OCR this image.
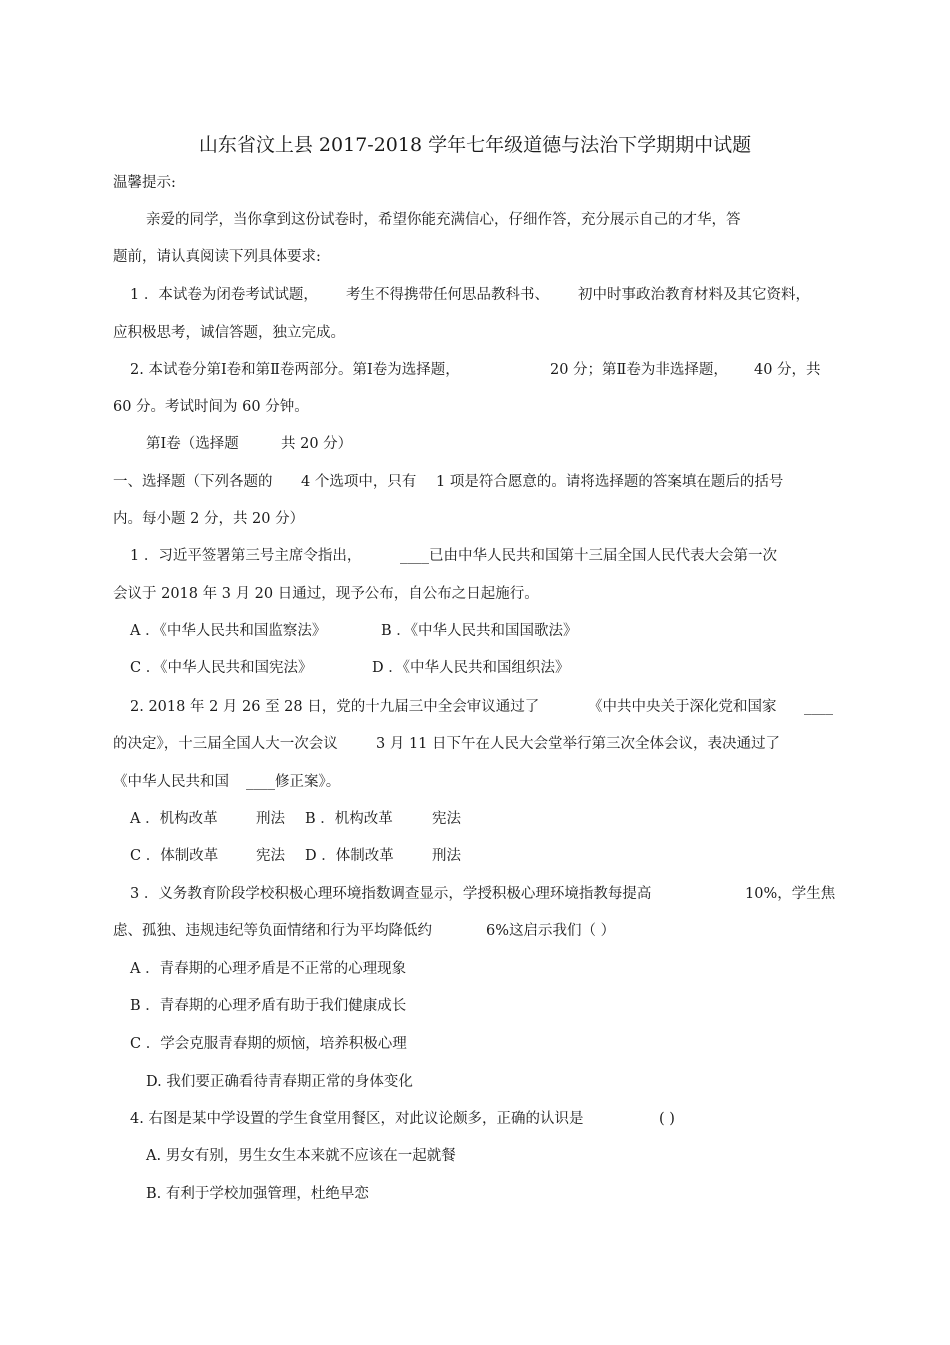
山东省汶上县 2017-2018 学年七年级道德与法治下学期期中试题
温馨提示:
亲爱的同学，当你拿到这份试卷时，希望你能充满信心，仔细作答，充分展示自己的才华，答
题前，请认真阅读下列具体要求:
1 ．本试卷为闭卷考试试题， 考生不得携带任何思品教科书、 初中时事政治教育材料及其它资料，
应积极思考，诚信答题，独立完成。
2. 本试卷分第Ⅰ卷和第Ⅱ卷两部分。第Ⅰ卷为选择题，	20 分；第Ⅱ卷为非选择题， 40 分，共
60 分。考试时间为 60 分钟。
第Ⅰ卷（选择题	共 20 分）
一、选择题（下列各题的 4 个选项中，只有 1 项是符合愿意的。请将选择题的答案填在题后的括号
内。每小题 2 分，共 20 分）
1 ．习近平签署第三号主席令指出，	____已由中华人民共和国第十三届全国人民代表大会第一次
会议于 2018 年 3 月 20 日通过，现予公布，自公布之日起施行。
A ．《中华人民共和国监察法》	B ．《中华人民共和国国歌法》
C ．《中华人民共和国宪法》	D ．《中华人民共和国组织法》
2. 2018 年 2 月 26 至 28 日，党的十九届三中全会审议通过了	《中共中央关于深化党和国家 ____
的决定》，十三届全国人大一次会议	3 月 11 日下午在人民大会堂举行第三次全体会议，表决通过了
《中华人民共和国 ____修正案》。
A ．机构改革	刑法 B ．机构改革	宪法
C ．体制改革	宪法 D ．体制改革	刑法
3 ．义务教育阶段学校积极心理环境指数调查显示，学授积极心理环境指教每提高	10%，学生焦
虑、孤独、违规违纪等负面情绪和行为平均降低约	6%这启示我们（ ）
A ．青春期的心理矛盾是不正常的心理现象
B ．青春期的心理矛盾有助于我们健康成长
C ．学会克服青春期的烦恼，培养积极心理
D. 我们要正确看待青春期正常的身体变化
4. 右图是某中学设置的学生食堂用餐区，对此议论颇多，正确的认识是	( )
A. 男女有别，男生女生本来就不应该在一起就餐
B. 有利于学校加强管理，杜绝早恋
